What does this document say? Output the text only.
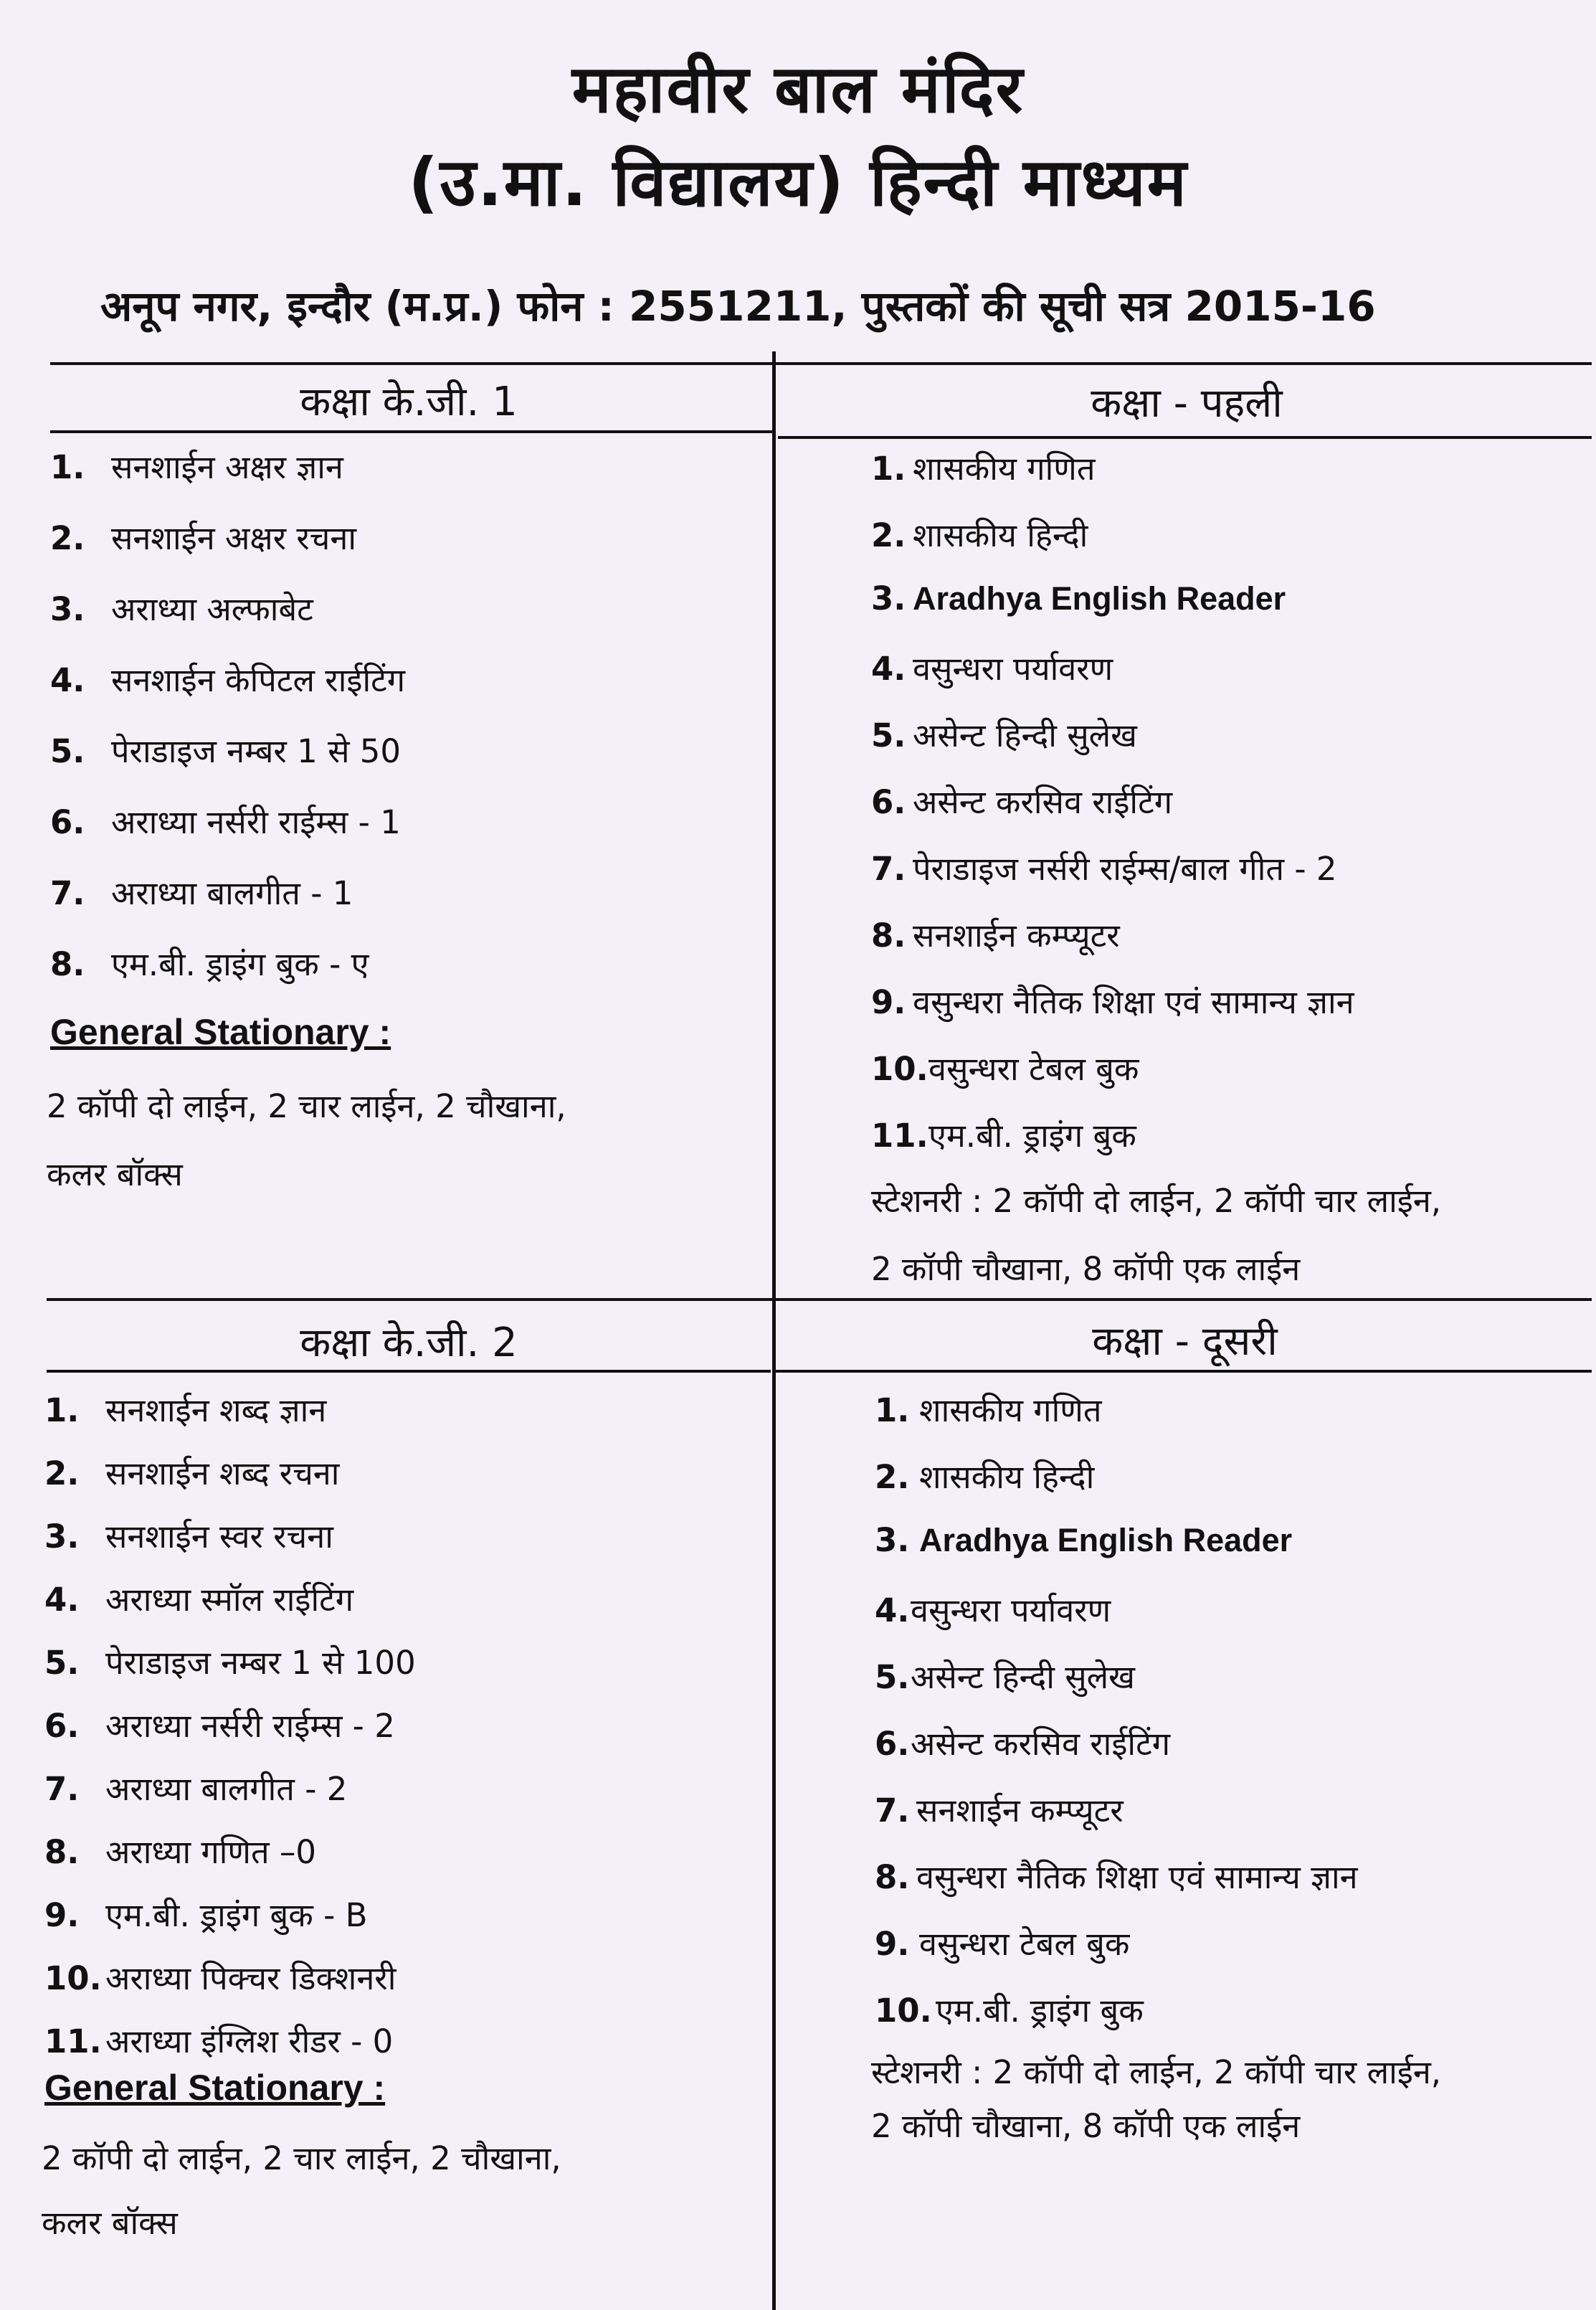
महावीर बाल मंदिर
(उ.मा. विद्यालय) हिन्दी माध्यम
अनूप नगर, इन्दौर (म.प्र.) फोन : 2551211, पुस्तकों की सूची सत्र 2015-16
कक्षा के.जी. 1
1. सनशाईन अक्षर ज्ञान
2. सनशाईन अक्षर रचना
3. अराध्या अल्फाबेट
4. सनशाईन केपिटल राईटिंग
5. पेराडाइज नम्बर 1 से 50
6. अराध्या नर्सरी राईम्स - 1
7. अराध्या बालगीत - 1
8. एम.बी. ड्राइंग बुक - ए
General Stationary :
2 कॉपी दो लाईन, 2 चार लाईन, 2 चौखाना,
कलर बॉक्स
कक्षा - पहली
1. शासकीय गणित
2. शासकीय हिन्दी
3. Aradhya English Reader
4. वसुन्धरा पर्यावरण
5. असेन्ट हिन्दी सुलेख
6. असेन्ट करसिव राईटिंग
7. पेराडाइज नर्सरी राईम्स/बाल गीत - 2
8. सनशाईन कम्प्यूटर
9. वसुन्धरा नैतिक शिक्षा एवं सामान्य ज्ञान
10.वसुन्धरा टेबल बुक
11.एम.बी. ड्राइंग बुक
स्टेशनरी : 2 कॉपी दो लाईन, 2 कॉपी चार लाईन,
2 कॉपी चौखाना, 8 कॉपी एक लाईन
कक्षा के.जी. 2
1. सनशाईन शब्द ज्ञान
2. सनशाईन शब्द रचना
3. सनशाईन स्वर रचना
4. अराध्या स्मॉल राईटिंग
5. पेराडाइज नम्बर 1 से 100
6. अराध्या नर्सरी राईम्स - 2
7. अराध्या बालगीत - 2
8. अराध्या गणित –0
9. एम.बी. ड्राइंग बुक - B
10. अराध्या पिक्चर डिक्शनरी
11. अराध्या इंग्लिश रीडर - 0
General Stationary :
2 कॉपी दो लाईन, 2 चार लाईन, 2 चौखाना,
कलर बॉक्स
कक्षा - दूसरी
1. शासकीय गणित
2. शासकीय हिन्दी
3. Aradhya English Reader
4.वसुन्धरा पर्यावरण
5.असेन्ट हिन्दी सुलेख
6.असेन्ट करसिव राईटिंग
7. सनशाईन कम्प्यूटर
8. वसुन्धरा नैतिक शिक्षा एवं सामान्य ज्ञान
9. वसुन्धरा टेबल बुक
10. एम.बी. ड्राइंग बुक
स्टेशनरी : 2 कॉपी दो लाईन, 2 कॉपी चार लाईन,
2 कॉपी चौखाना, 8 कॉपी एक लाईन
